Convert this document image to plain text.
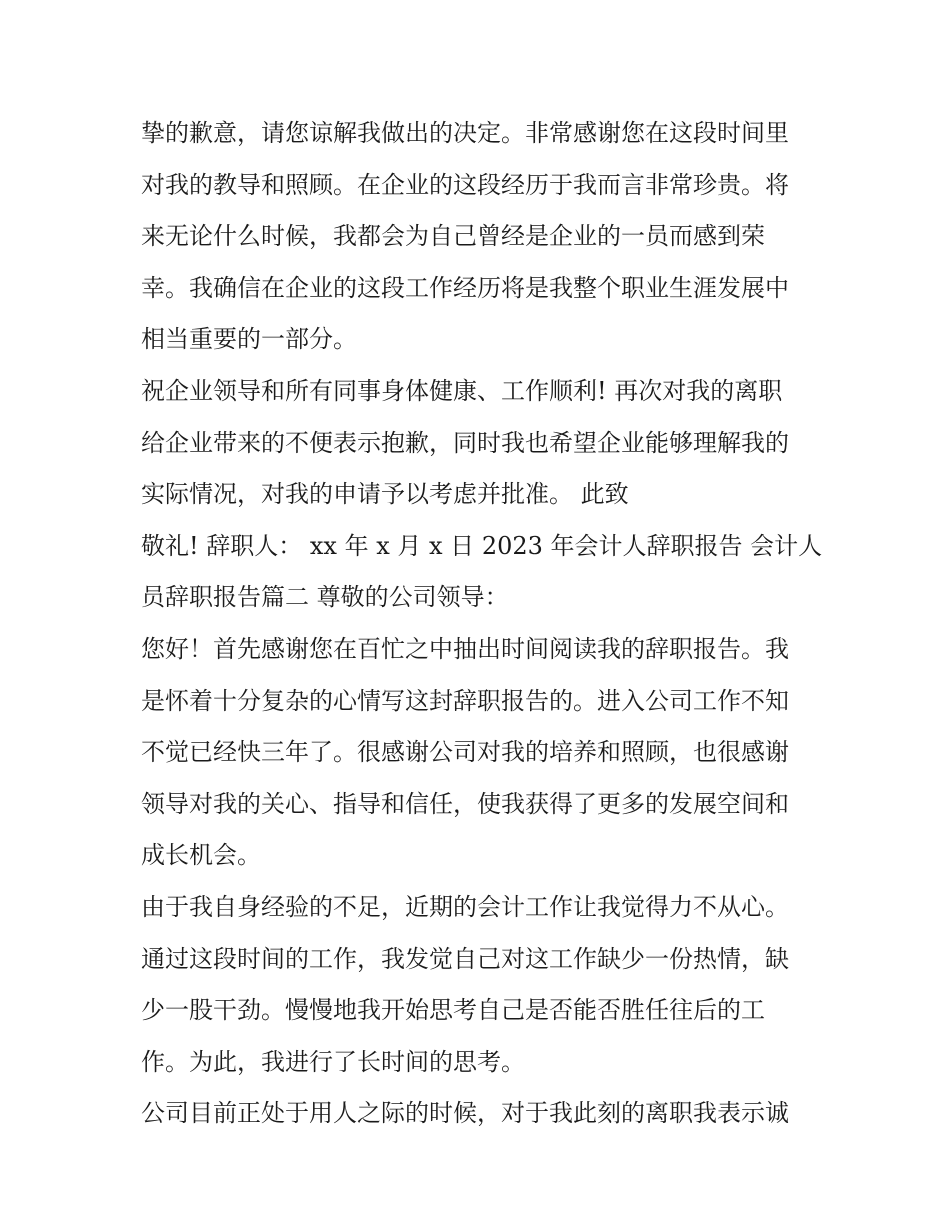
挚的歉意，请您谅解我做出的决定。非常感谢您在这段时间里
对我的教导和照顾。在企业的这段经历于我而言非常珍贵。将
来无论什么时候，我都会为自己曾经是企业的一员而感到荣
幸。我确信在企业的这段工作经历将是我整个职业生涯发展中
相当重要的一部分。
祝企业领导和所有同事身体健康、工作顺利! 再次对我的离职
给企业带来的不便表示抱歉，同时我也希望企业能够理解我的
实际情况，对我的申请予以考虑并批准。 此致
敬礼! 辞职人： xx 年 x 月 x 日 2023 年会计人辞职报告 会计人
员辞职报告篇二 尊敬的公司领导：
您好！首先感谢您在百忙之中抽出时间阅读我的辞职报告。我
是怀着十分复杂的心情写这封辞职报告的。进入公司工作不知
不觉已经快三年了。很感谢公司对我的培养和照顾，也很感谢
领导对我的关心、指导和信任，使我获得了更多的发展空间和
成长机会。
由于我自身经验的不足，近期的会计工作让我觉得力不从心。
通过这段时间的工作，我发觉自己对这工作缺少一份热情，缺
少一股干劲。慢慢地我开始思考自己是否能否胜任往后的工
作。为此，我进行了长时间的思考。
公司目前正处于用人之际的时候，对于我此刻的离职我表示诚
